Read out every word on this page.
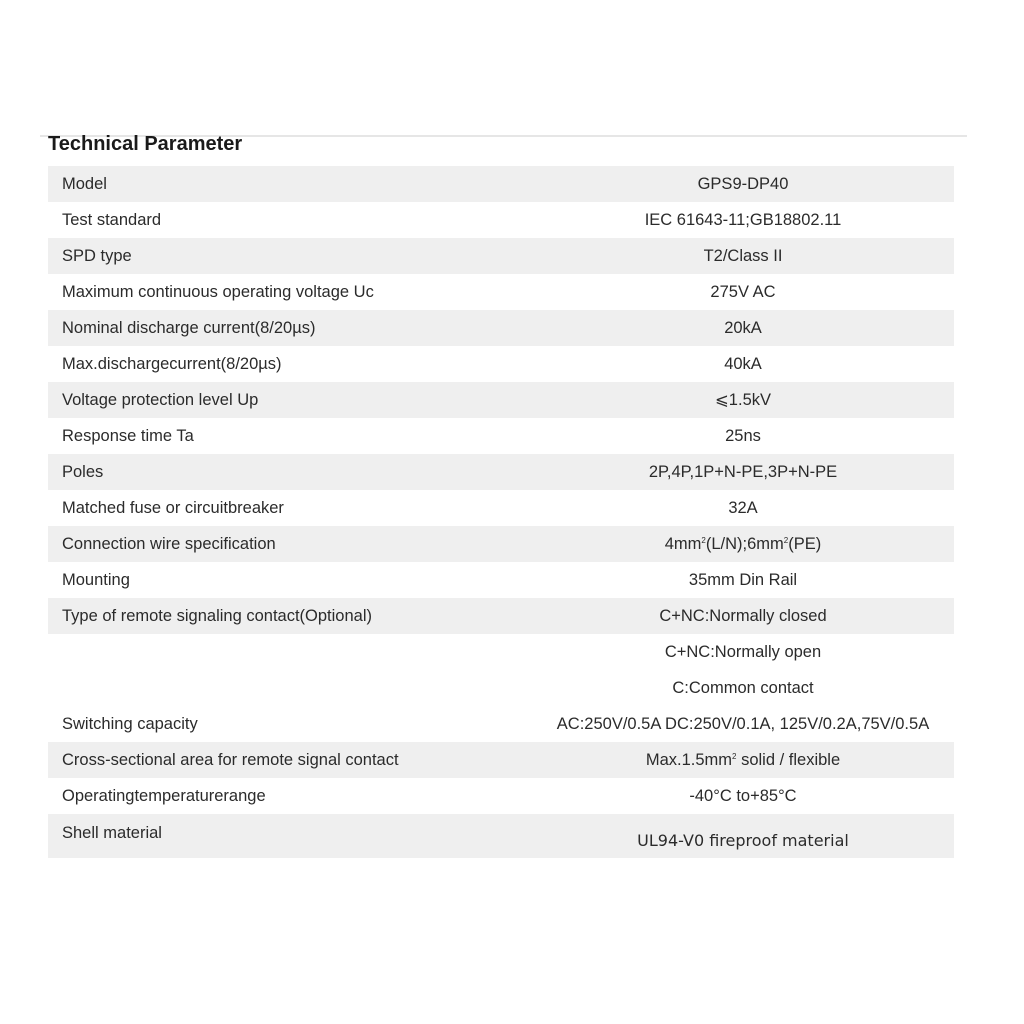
Technical Parameter
Model	GPS9-DP40
Test standard	IEC 61643-11;GB18802.11
SPD type	T2/Class II
Maximum continuous operating voltage Uc	275V AC
Nominal discharge current(8/20µs)	20kA
Max.dischargecurrent(8/20µs)	40kA
Voltage protection level Up	⩽1.5kV
Response time Ta	25ns
Poles	2P,4P,1P+N-PE,3P+N-PE
Matched fuse or circuitbreaker	32A
Connection wire specification	$4mm^2(L/N);6mm^2(PE)$
Mounting	35mm Din Rail
Type of remote signaling contact(Optional)	C+NC:Normally closed
	C+NC:Normally open
	C:Common contact
Switching capacity	AC:250V/0.5A DC:250V/0.1A, 125V/0.2A,75V/0.5A
Cross-sectional area for remote signal contact	$Max.1.5mm^2$ solid / flexible
Operatingtemperaturerange	-40°C to+85°C
Shell material	UL94-V0 fireproof material
